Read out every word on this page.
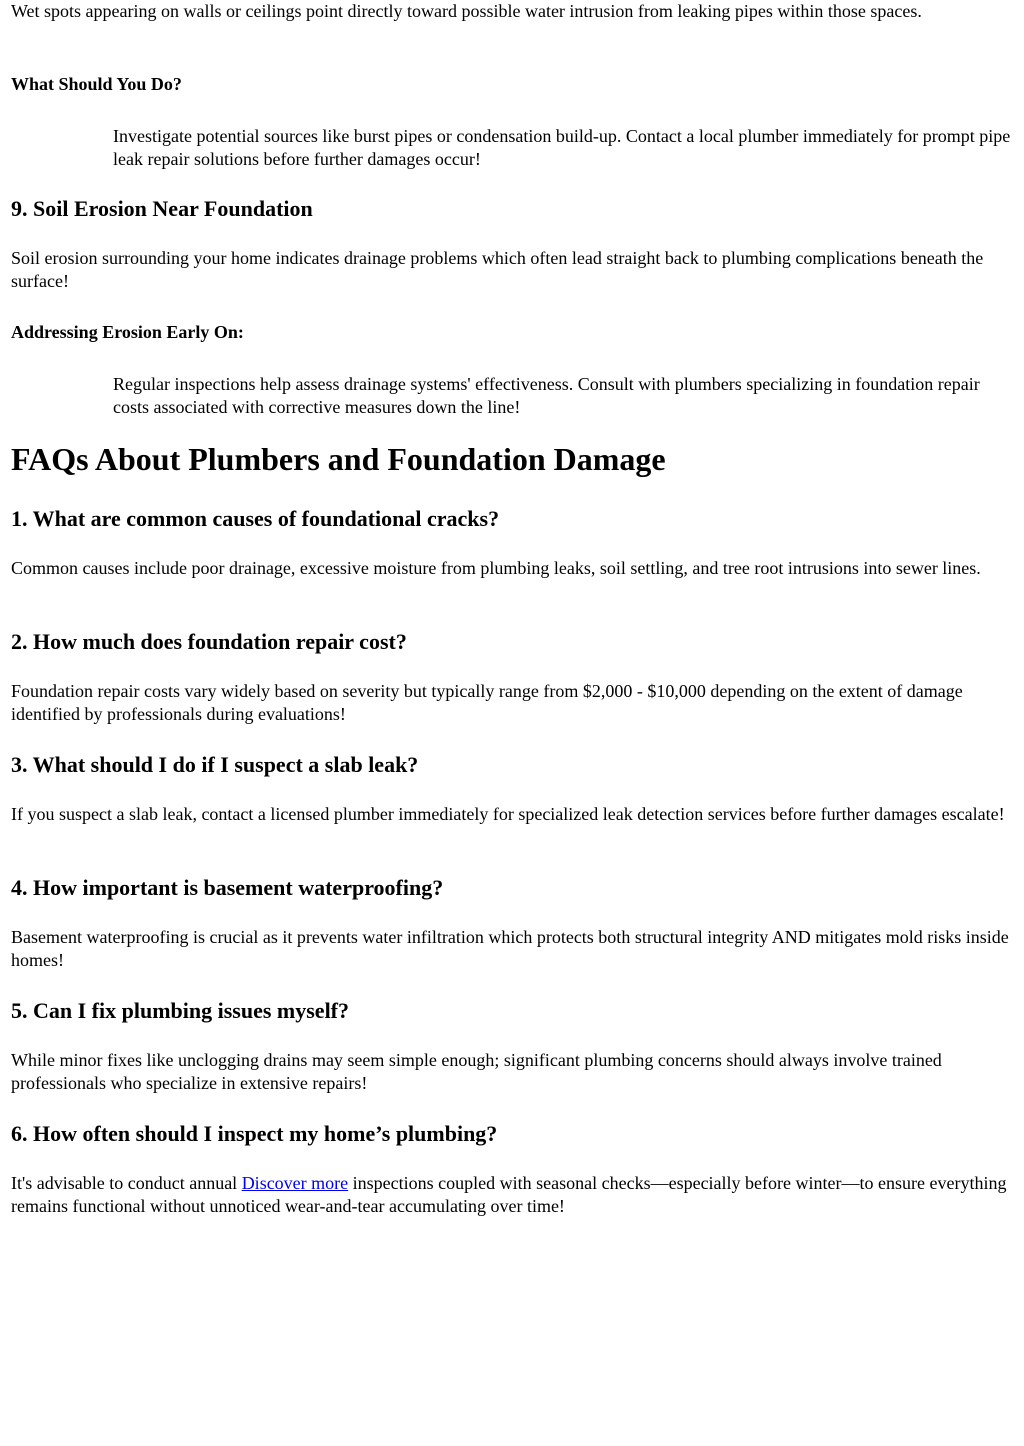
Wet spots appearing on walls or ceilings point directly toward possible water intrusion from leaking pipes within those spaces.

What Should You Do?

Investigate potential sources like burst pipes or condensation build-up. Contact a local plumber immediately for prompt pipe leak repair solutions before further damages occur!
9. Soil Erosion Near Foundation

Soil erosion surrounding your home indicates drainage problems which often lead straight back to plumbing complications beneath the surface!

Addressing Erosion Early On:

Regular inspections help assess drainage systems' effectiveness. Consult with plumbers specializing in foundation repair costs associated with corrective measures down the line!
FAQs About Plumbers and Foundation Damage
1. What are common causes of foundational cracks?

Common causes include poor drainage, excessive moisture from plumbing leaks, soil settling, and tree root intrusions into sewer lines.

2. How much does foundation repair cost?

Foundation repair costs vary widely based on severity but typically range from $2,000 - $10,000 depending on the extent of damage identified by professionals during evaluations!

3. What should I do if I suspect a slab leak?

If you suspect a slab leak, contact a licensed plumber immediately for specialized leak detection services before further damages escalate!

4. How important is basement waterproofing?

Basement waterproofing is crucial as it prevents water infiltration which protects both structural integrity AND mitigates mold risks inside homes!

5. Can I fix plumbing issues myself?

While minor fixes like unclogging drains may seem simple enough; significant plumbing concerns should always involve trained professionals who specialize in extensive repairs!

6. How often should I inspect my home’s plumbing?

It's advisable to conduct annual Discover more inspections coupled with seasonal checks—especially before winter—to ensure everything remains functional without unnoticed wear-and-tear accumulating over time!
